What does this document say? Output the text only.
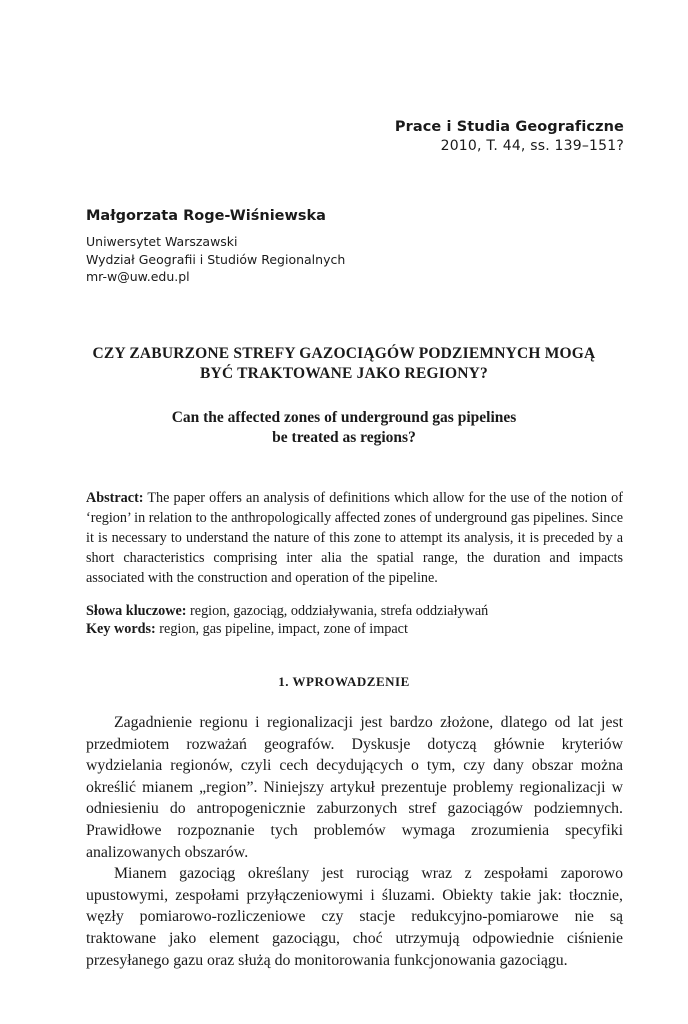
Prace i Studia Geograficzne
2010, T. 44, ss. 139–151?
Małgorzata Roge-Wiśniewska
Uniwersytet Warszawski
Wydział Geografii i Studiów Regionalnych
mr-w@uw.edu.pl
CZY ZABURZONE STREFY GAZOCIĄGÓW PODZIEMNYCH MOGĄ
BYĆ TRAKTOWANE JAKO REGIONY?
Can the affected zones of underground gas pipelines
be treated as regions?
Abstract: The paper offers an analysis of definitions which allow for the use of the notion of ‘region’ in relation to the anthropologically affected zones of underground gas pipelines. Since it is necessary to understand the nature of this zone to attempt its analysis, it is preceded by a short characteristics comprising inter alia the spatial range, the duration and impacts associated with the construction and operation of the pipeline.
Słowa kluczowe: region, gazociąg, oddziaływania, strefa oddziaływań
Key words: region, gas pipeline, impact, zone of impact
1. WPROWADZENIE

Zagadnienie regionu i regionalizacji jest bardzo złożone, dlatego od lat jest przedmiotem rozważań geografów. Dyskusje dotyczą głównie kryteriów wydzielania regionów, czyli cech decydujących o tym, czy dany obszar można określić mianem „region”. Niniejszy artykuł prezentuje problemy regionalizacji w odniesieniu do antropogenicznie zaburzonych stref gazociągów podziemnych. Prawidłowe rozpoznanie tych problemów wymaga zrozumienia specyfiki analizowanych obszarów.

Mianem gazociąg określany jest rurociąg wraz z zespołami zaporowo upustowymi, zespołami przyłączeniowymi i śluzami. Obiekty takie jak: tłocznie, węzły pomiarowo-rozliczeniowe czy stacje redukcyjno-pomiarowe nie są traktowane jako element gazociągu, choć utrzymują odpowiednie ciśnienie przesyłanego gazu oraz służą do monitorowania funkcjonowania gazociągu.
